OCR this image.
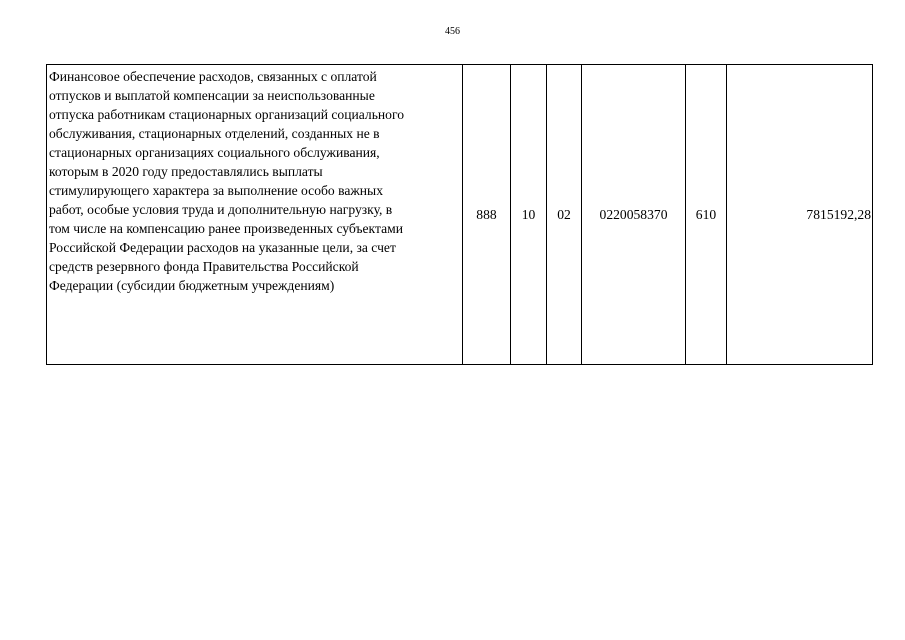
456
Финансовое обеспечение расходов, связанных с оплатой
отпусков и выплатой компенсации за неиспользованные
отпуска работникам стационарных организаций социального
обслуживания, стационарных отделений, созданных не в
стационарных организациях социального обслуживания,
которым в 2020 году предоставлялись выплаты
стимулирующего характера за выполнение особо важных
работ, особые условия труда и дополнительную нагрузку, в
том числе на компенсацию ранее произведенных субъектами
Российской Федерации расходов на указанные цели, за счет
средств резервного фонда Правительства Российской
Федерации (субсидии бюджетным учреждениям)
	888	10	02	0220058370	610	7815192,28
